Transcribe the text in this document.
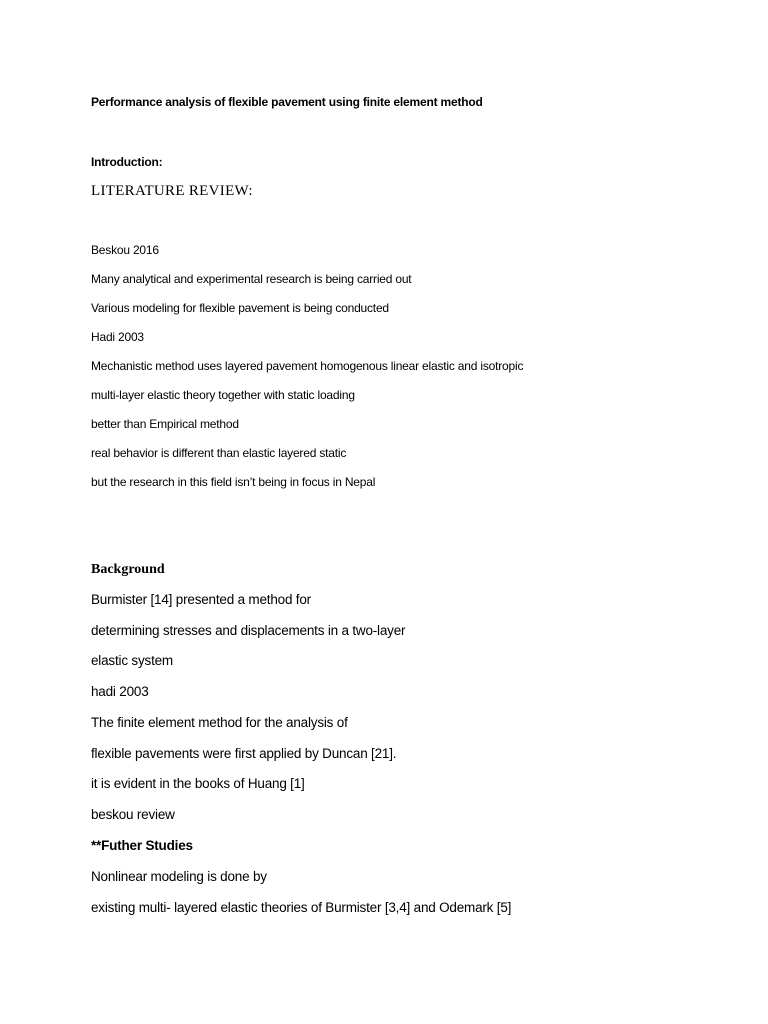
Performance analysis of flexible pavement using finite element method
Introduction:
LITERATURE REVIEW:
Beskou 2016
Many analytical and experimental research is being carried out
Various modeling for flexible pavement is being conducted
Hadi 2003
Mechanistic method uses layered pavement homogenous linear elastic and isotropic
multi-layer elastic theory together with static loading
better than Empirical method
real behavior is different than elastic layered static
but the research in this field isn’t being in focus in Nepal
Background
Burmister [14] presented a method for
determining stresses and displacements in a two-layer
elastic system
hadi 2003
The finite element method for the analysis of
flexible pavements were first applied by Duncan [21].
it is evident in the books of Huang [1]
beskou review
**Futher Studies
Nonlinear modeling is done by
existing multi- layered elastic theories of Burmister [3,4] and Odemark [5]
